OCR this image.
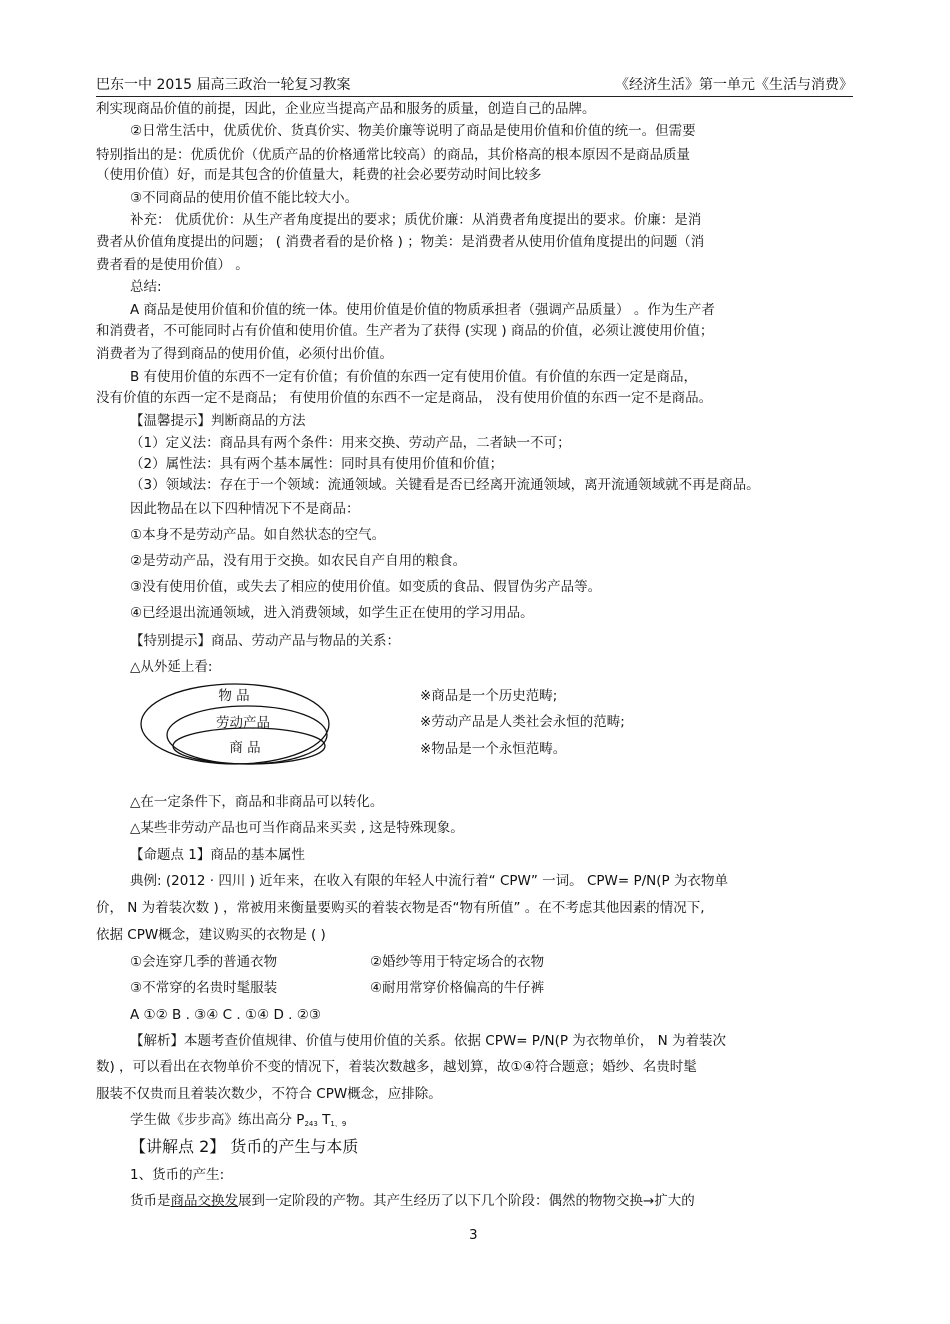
巴东一中 2015 届高三政治一轮复习教案	《经济生活》第一单元《生活与消费》
利实现商品价值的前提，因此，企业应当提高产品和服务的质量，创造自己的品牌。
②日常生活中，优质优价、货真价实、物美价廉等说明了商品是使用价值和价值的统一。但需要
特别指出的是：优质优价（优质产品的价格通常比较高）的商品，其价格高的根本原因不是商品质量
（使用价值）好，而是其包含的价值量大，耗费的社会必要劳动时间比较多
③不同商品的使用价值不能比较大小。
补充： 优质优价：从生产者角度提出的要求；质优价廉：从消费者角度提出的要求。价廉：是消
费者从价值角度提出的问题； ( 消费者看的是价格 ) ；物美：是消费者从使用价值角度提出的问题（消
费者看的是使用价值） 。
总结:
A 商品是使用价值和价值的统一体。使用价值是价值的物质承担者（强调产品质量） 。作为生产者
和消费者，不可能同时占有价值和使用价值。生产者为了获得 (实现 ) 商品的价值，必须让渡使用价值；
消费者为了得到商品的使用价值，必须付出价值。
B 有使用价值的东西不一定有价值；有价值的东西一定有使用价值。有价值的东西一定是商品，
没有价值的东西一定不是商品； 有使用价值的东西不一定是商品， 没有使用价值的东西一定不是商品。
【温馨提示】判断商品的方法
（1）定义法：商品具有两个条件：用来交换、劳动产品，二者缺一不可；
（2）属性法：具有两个基本属性：同时具有使用价值和价值；
（3）领域法：存在于一个领域：流通领域。关键看是否已经离开流通领域，离开流通领域就不再是商品。
因此物品在以下四种情况下不是商品：
①本身不是劳动产品。如自然状态的空气。
②是劳动产品，没有用于交换。如农民自产自用的粮食。
③没有使用价值，或失去了相应的使用价值。如变质的食品、假冒伪劣产品等。
④已经退出流通领域，进入消费领域，如学生正在使用的学习用品。
【特别提示】商品、劳动产品与物品的关系：
△从外延上看:
物 品
劳动产品
商 品
※商品是一个历史范畴;
※劳动产品是人类社会永恒的范畴;
※物品是一个永恒范畴。
△在一定条件下，商品和非商品可以转化。
△某些非劳动产品也可当作商品来买卖 , 这是特殊现象。
【命题点 1】商品的基本属性
典例: (2012 · 四川 ) 近年来，在收入有限的年轻人中流行着“ CPW” 一词。 CPW= P/N(P 为衣物单
价， N 为着装次数 ) ，常被用来衡量要购买的着装衣物是否“物有所值” 。在不考虑其他因素的情况下,
依据 CPW概念，建议购买的衣物是 ( )
①会连穿几季的普通衣物	②婚纱等用于特定场合的衣物
③不常穿的名贵时髦服装	④耐用常穿价格偏高的牛仔裤
A ①② B . ③④ C . ①④ D . ②③
【解析】本题考查价值规律、价值与使用价值的关系。依据 CPW= P/N(P 为衣物单价， N 为着装次
数) ，可以看出在衣物单价不变的情况下，着装次数越多，越划算，故①④符合题意；婚纱、名贵时髦
服装不仅贵而且着装次数少，不符合 CPW概念，应排除。
学生做《步步高》练出高分 $P_{243}$ $T_{1、9}$
【讲解点 2】 货币的产生与本质
1、货币的产生:
货币是商品交换发展到一定阶段的产物。其产生经历了以下几个阶段：偶然的物物交换→扩大的
3
